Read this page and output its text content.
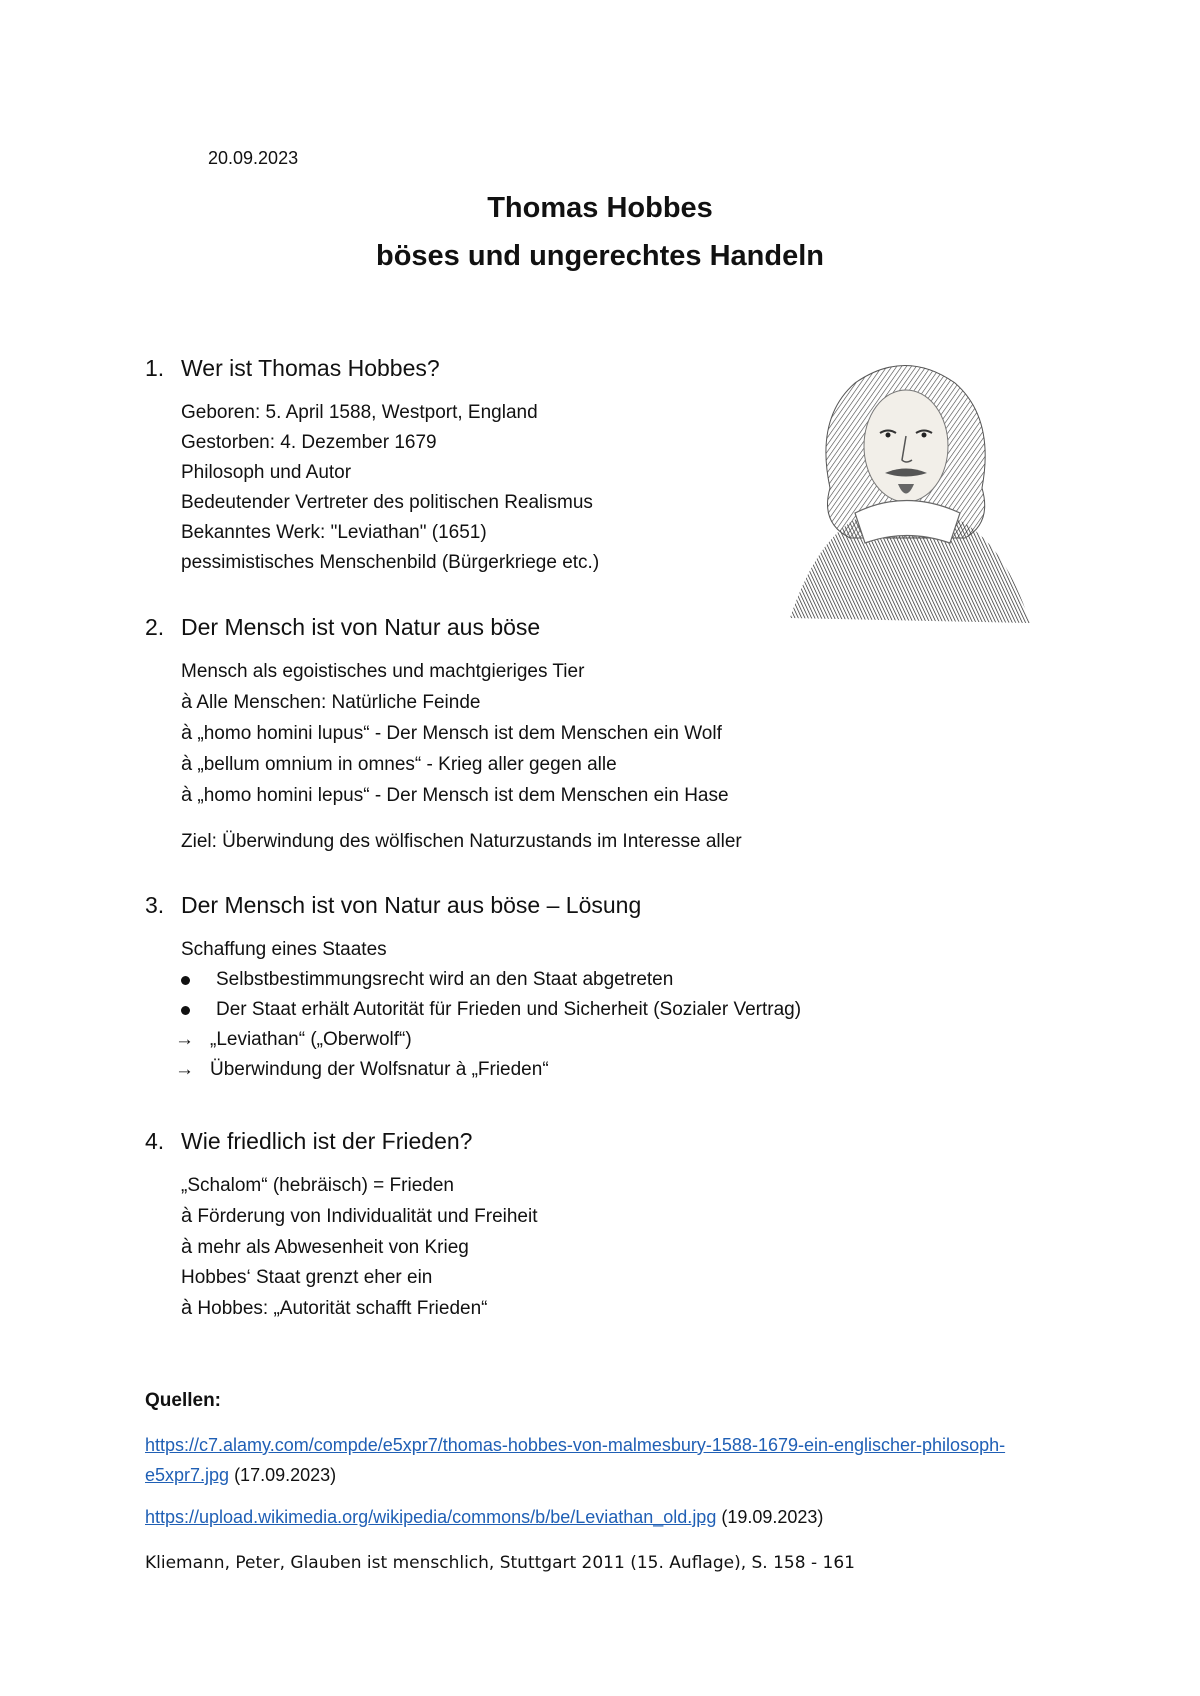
20.09.2023
Thomas Hobbes
böses und ungerechtes Handeln
1. Wer ist Thomas Hobbes?
Geboren: 5. April 1588, Westport, England
Gestorben: 4. Dezember 1679
Philosoph und Autor
Bedeutender Vertreter des politischen Realismus
Bekanntes Werk: "Leviathan" (1651)
pessimistisches Menschenbild (Bürgerkriege etc.)
2. Der Mensch ist von Natur aus böse
Mensch als egoistisches und machtgieriges Tier
à Alle Menschen: Natürliche Feinde
à „homo homini lupus“ - Der Mensch ist dem Menschen ein Wolf
à „bellum omnium in omnes“ - Krieg aller gegen alle
à „homo homini lepus“ - Der Mensch ist dem Menschen ein Hase
Ziel: Überwindung des wölfischen Naturzustands im Interesse aller
3. Der Mensch ist von Natur aus böse – Lösung
Schaffung eines Staates
Selbstbestimmungsrecht wird an den Staat abgetreten
Der Staat erhält Autorität für Frieden und Sicherheit (Sozialer Vertrag)
→ „Leviathan“ („Oberwolf“)
→ Überwindung der Wolfsnatur à „Frieden“
4. Wie friedlich ist der Frieden?
„Schalom“ (hebräisch) = Frieden
à Förderung von Individualität und Freiheit
à mehr als Abwesenheit von Krieg
Hobbes‘ Staat grenzt eher ein
à Hobbes: „Autorität schafft Frieden“
Quellen:
https://c7.alamy.com/compde/e5xpr7/thomas-hobbes-von-malmesbury-1588-1679-ein-englischer-philosoph-e5xpr7.jpg (17.09.2023)
https://upload.wikimedia.org/wikipedia/commons/b/be/Leviathan_old.jpg (19.09.2023)
Kliemann, Peter, Glauben ist menschlich, Stuttgart 2011 (15. Auflage), S. 158 - 161
